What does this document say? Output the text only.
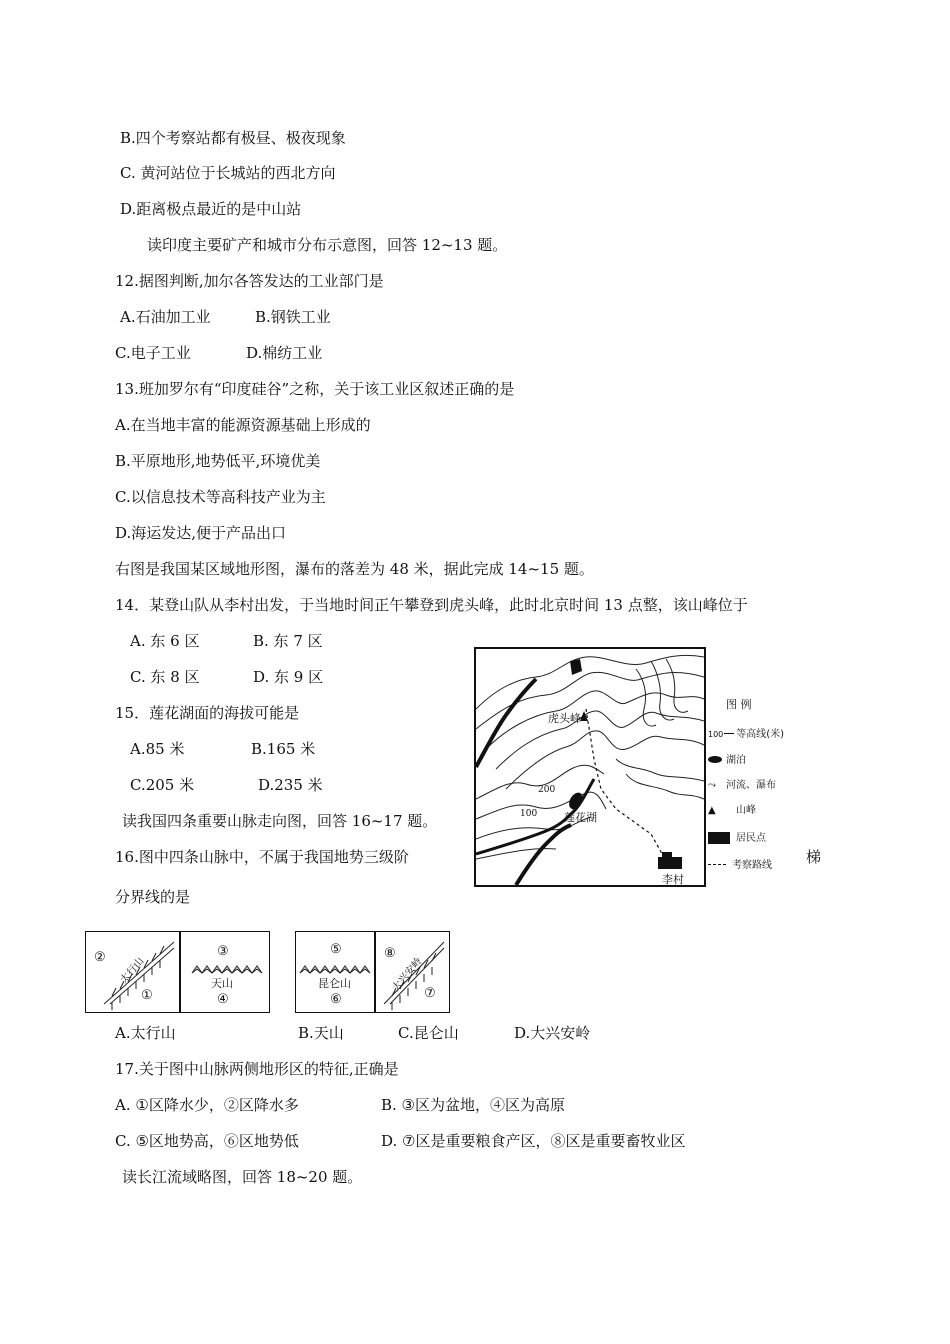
B.四个考察站都有极昼、极夜现象
C. 黄河站位于长城站的西北方向
D.距离极点最近的是中山站
读印度主要矿产和城市分布示意图，回答 12~13 题。
12.据图判断,加尔各答发达的工业部门是
A.石油加工业	B.钢铁工业
C.电子工业	D.棉纺工业
13.班加罗尔有“印度硅谷”之称，关于该工业区叙述正确的是
A.在当地丰富的能源资源基础上形成的
B.平原地形,地势低平,环境优美
C.以信息技术等高科技产业为主
D.海运发达,便于产品出口
右图是我国某区域地形图，瀑布的落差为 48 米，据此完成 14~15 题。
14．某登山队从李村出发，于当地时间正午攀登到虎头峰，此时北京时间 13 点整，该山峰位于
A. 东 6 区	B. 东 7 区
C. 东 8 区	D. 东 9 区
15．莲花湖面的海拔可能是
A.85 米	B.165 米
C.205 米	D.235 米
读我国四条重要山脉走向图，回答 16~17 题。
16.图中四条山脉中，不属于我国地势三级阶	梯
分界线的是
虎头峰
莲花湖
李村
200
100
图 例
100 等高线(米)
湖泊
⤳ 河流、瀑布
▲ 山峰
居民点
考察路线
②
①
太行山
③
天山
④
⑤
昆仑山
⑥
⑧
⑦
大兴安岭
A.太行山	B.天山	C.昆仑山	D.大兴安岭
17.关于图中山脉两侧地形区的特征,正确是
A. ①区降水少，②区降水多	B. ③区为盆地，④区为高原
C. ⑤区地势高，⑥区地势低	D. ⑦区是重要粮食产区，⑧区是重要畜牧业区
读长江流域略图，回答 18~20 题。
